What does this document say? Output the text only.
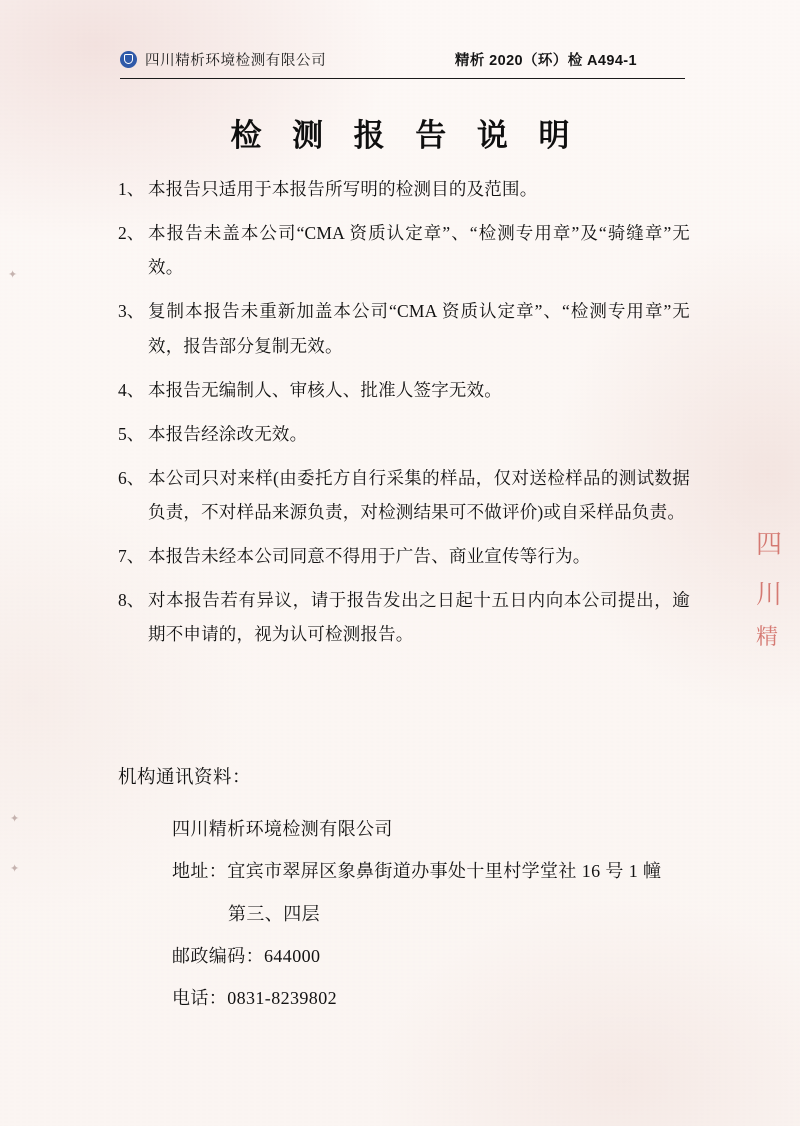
四川精析环境检测有限公司	精析 2020（环）检 A494-1
检 测 报 告 说 明
1、 本报告只适用于本报告所写明的检测目的及范围。
2、 本报告未盖本公司“CMA 资质认定章”、“检测专用章”及“骑缝章”无效。
3、 复制本报告未重新加盖本公司“CMA 资质认定章”、“检测专用章”无效，报告部分复制无效。
4、 本报告无编制人、审核人、批准人签字无效。
5、 本报告经涂改无效。
6、 本公司只对来样(由委托方自行采集的样品，仅对送检样品的测试数据负责，不对样品来源负责，对检测结果可不做评价)或自采样品负责。
7、 本报告未经本公司同意不得用于广告、商业宣传等行为。
8、 对本报告若有异议，请于报告发出之日起十五日内向本公司提出，逾期不申请的，视为认可检测报告。
机构通讯资料：
四川精析环境检测有限公司
地址：宜宾市翠屏区象鼻街道办事处十里村学堂社 16 号 1 幢
第三、四层
邮政编码：644000
电话：0831-8239802
四
川
精
✦
✦
✦
